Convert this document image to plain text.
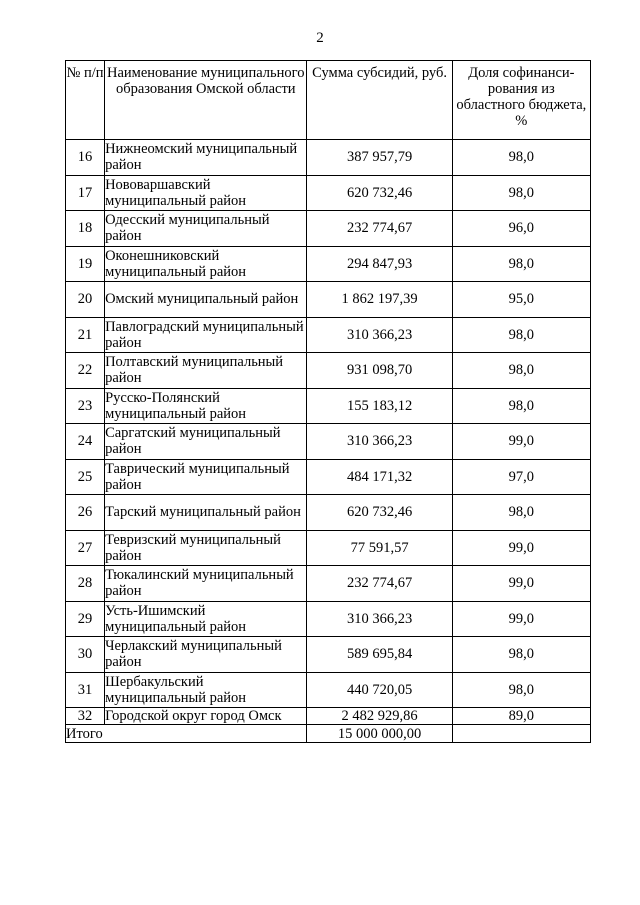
2
№ п/п	Наименование муниципального образования Омской области	Сумма субсидий, руб.	Доля софинанси-рования из областного бюджета, %
16	Нижнеомский муниципальный район	387 957,79	98,0
17	Нововаршавский муниципальный район	620 732,46	98,0
18	Одесский муниципальный район	232 774,67	96,0
19	Оконешниковский муниципальный район	294 847,93	98,0
20	Омский муниципальный район	1 862 197,39	95,0
21	Павлоградский муниципальный район	310 366,23	98,0
22	Полтавский муниципальный район	931 098,70	98,0
23	Русско-Полянский муниципальный район	155 183,12	98,0
24	Саргатский муниципальный район	310 366,23	99,0
25	Таврический муниципальный район	484 171,32	97,0
26	Тарский муниципальный район	620 732,46	98,0
27	Тевризский муниципальный район	77 591,57	99,0
28	Тюкалинский муниципальный район	232 774,67	99,0
29	Усть-Ишимский муниципальный район	310 366,23	99,0
30	Черлакский муниципальный район	589 695,84	98,0
31	Шербакульский муниципальный район	440 720,05	98,0
32	Городской округ город Омск	2 482 929,86	89,0
Итого		15 000 000,00	
